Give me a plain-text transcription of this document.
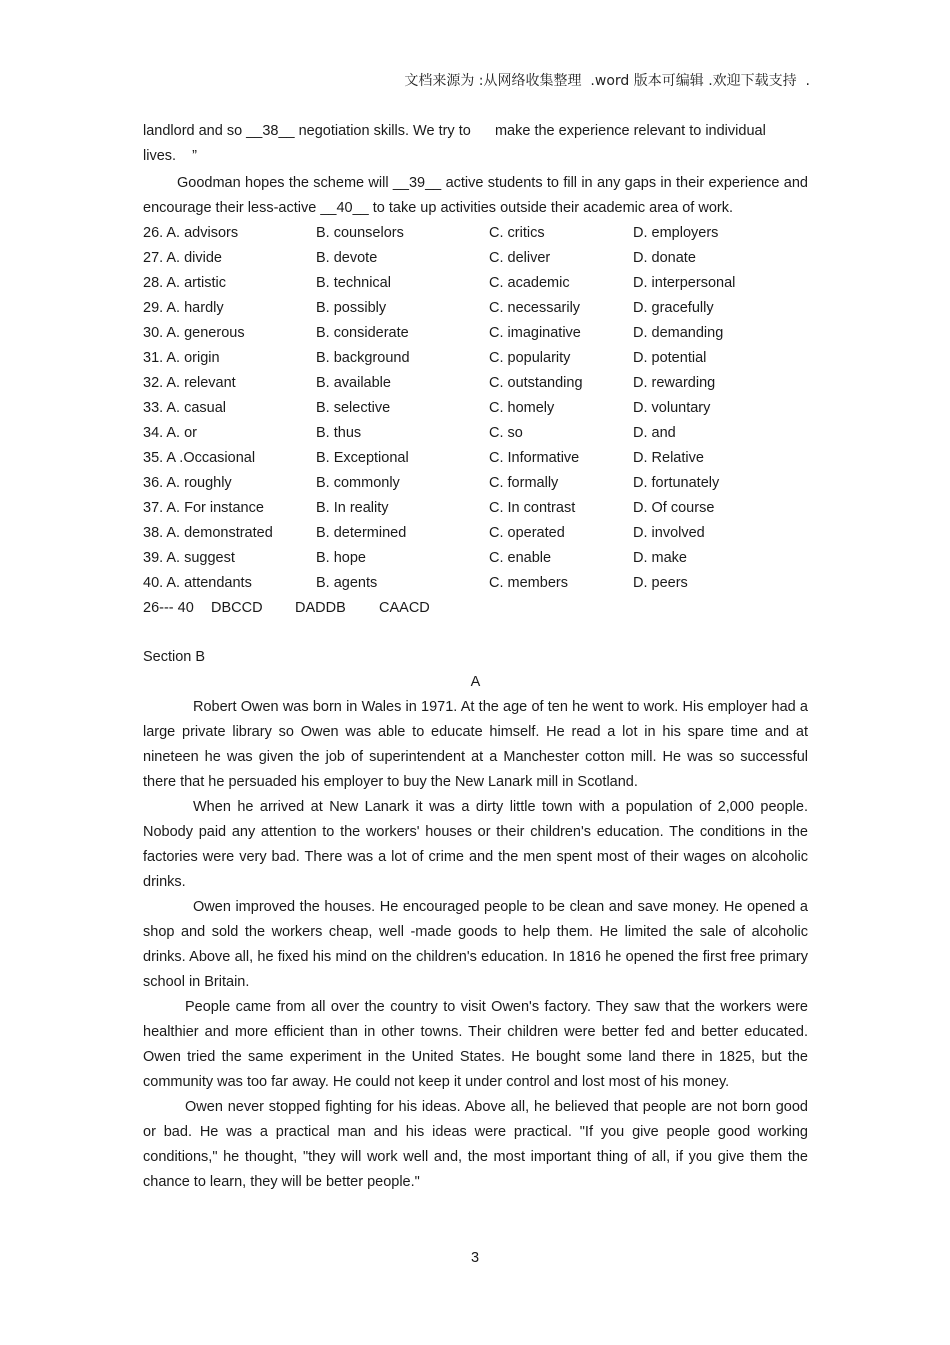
文档来源为 :从网络收集整理  .word 版本可编辑 .欢迎下载支持  .

landlord and so __38__ negotiation skills. We try to      make the experience relevant to individual

lives.    ”

Goodman hopes the scheme will __39__ active students to fill in any gaps in their experience and encourage their less-active __40__ to take up activities outside their academic area of work.

26. A. advisors	B. counselors	C. critics	D. employers
27. A. divide	B. devote	C. deliver	D. donate
28. A. artistic	B. technical	C. academic	D. interpersonal
29. A. hardly	B. possibly	C. necessarily	D. gracefully
30. A. generous	B. considerate	C. imaginative	D. demanding
31. A. origin	B. background	C. popularity	D. potential
32. A. relevant	B. available	C. outstanding	D. rewarding
33. A. casual	B. selective	C. homely	D. voluntary
34. A. or	B. thus	C. so	D. and
35. A .Occasional	B. Exceptional	C. Informative	D. Relative
36. A. roughly	B. commonly	C. formally	D. fortunately
37. A. For instance	B. In reality	C. In contrast	D. Of course
38. A. demonstrated	B. determined	C. operated	D. involved
39. A. suggest	B. hope	C. enable	D. make
40. A. attendants	B. agents	C. members	D. peers
26--- 40 DBCCD DADDB CAACD
Section B
A

Robert Owen was born in Wales in 1971. At the age of ten he went to work. His employer had a large private library so Owen was able to educate himself. He read a lot in his spare time and at nineteen he was given the job of superintendent at a Manchester cotton mill. He was so successful there that he persuaded his employer to buy the New Lanark mill in Scotland.

When he arrived at New Lanark it was a dirty little town with a population of 2,000 people. Nobody paid any attention to the workers' houses or their children's education. The conditions in the factories were very bad. There was a lot of crime and the men spent most of their wages on alcoholic drinks.

Owen improved the houses. He encouraged people to be clean and save money. He opened a shop and sold the workers cheap, well -made goods to help them. He limited the sale of alcoholic drinks. Above all, he fixed his mind on the children's education. In 1816 he opened the first free primary school in Britain.

People came from all over the country to visit Owen's factory. They saw that the workers were healthier and more efficient than in other towns. Their children were better fed and better educated. Owen tried the same experiment in the United States. He bought some land there in 1825, but the community was too far away. He could not keep it under control and lost most of his money.

Owen never stopped fighting for his ideas. Above all, he believed that people are not born good or bad. He was a practical man and his ideas were practical. "If you give people good working conditions," he thought, "they will work well and, the most important thing of all, if you give them the chance to learn, they will be better people."

3
